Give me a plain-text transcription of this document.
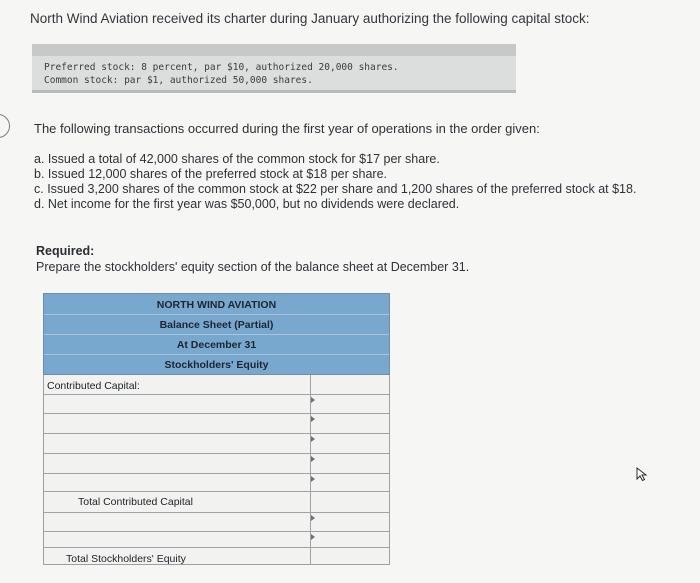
North Wind Aviation received its charter during January authorizing the following capital stock:
Preferred stock: 8 percent, par $10, authorized 20,000 shares.
Common stock: par $1, authorized 50,000 shares.
The following transactions occurred during the first year of operations in the order given:
a. Issued a total of 42,000 shares of the common stock for $17 per share.
b. Issued 12,000 shares of the preferred stock at $18 per share.
c. Issued 3,200 shares of the common stock at $22 per share and 1,200 shares of the preferred stock at $18.
d. Net income for the first year was $50,000, but no dividends were declared.
Required:
Prepare the stockholders' equity section of the balance sheet at December 31.
NORTH WIND AVIATION
Balance Sheet (Partial)
At December 31
Stockholders' Equity
Contributed Capital:
Total Contributed Capital
Total Stockholders' Equity
